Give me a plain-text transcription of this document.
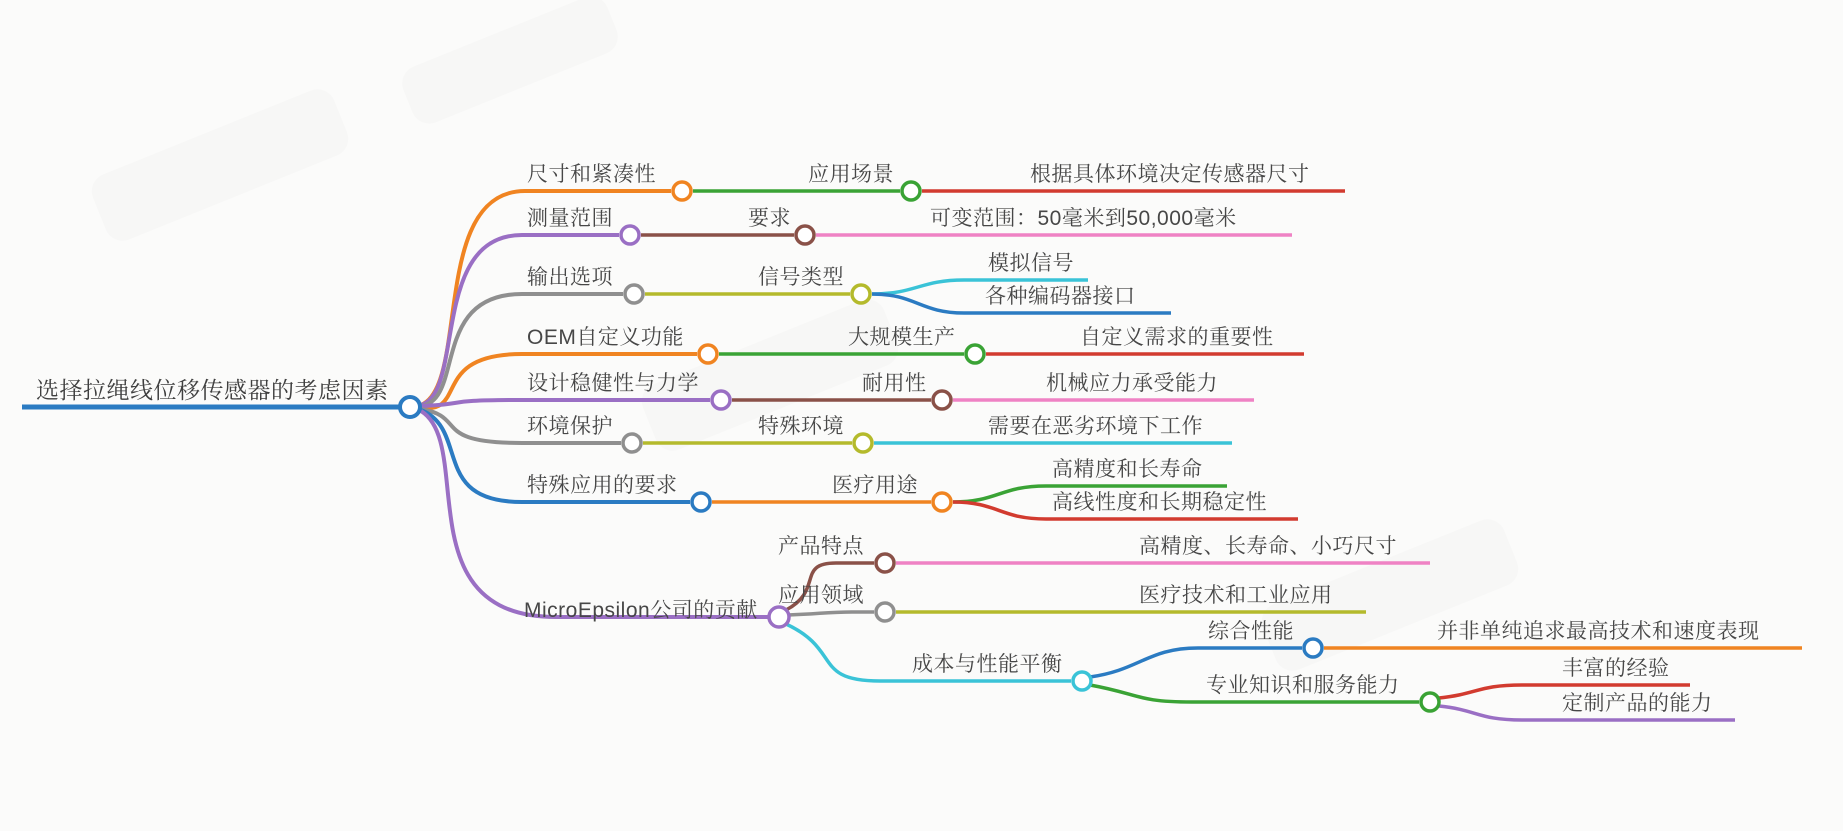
选择拉绳线位移传感器的考虑因素
尺寸和紧凑性	应用场景	根据具体环境决定传感器尺寸
测量范围	要求	可变范围：50毫米到50,000毫米
输出选项	信号类型
模拟信号
各种编码器接口
OEM自定义功能	大规模生产	自定义需求的重要性
设计稳健性与力学	耐用性	机械应力承受能力
环境保护	特殊环境	需要在恶劣环境下工作
特殊应用的要求	医疗用途
高精度和长寿命
高线性度和长期稳定性
MicroEpsilon公司的贡献
产品特点	高精度、长寿命、小巧尺寸
应用领域	医疗技术和工业应用
成本与性能平衡
综合性能	并非单纯追求最高技术和速度表现
专业知识和服务能力
丰富的经验
定制产品的能力
